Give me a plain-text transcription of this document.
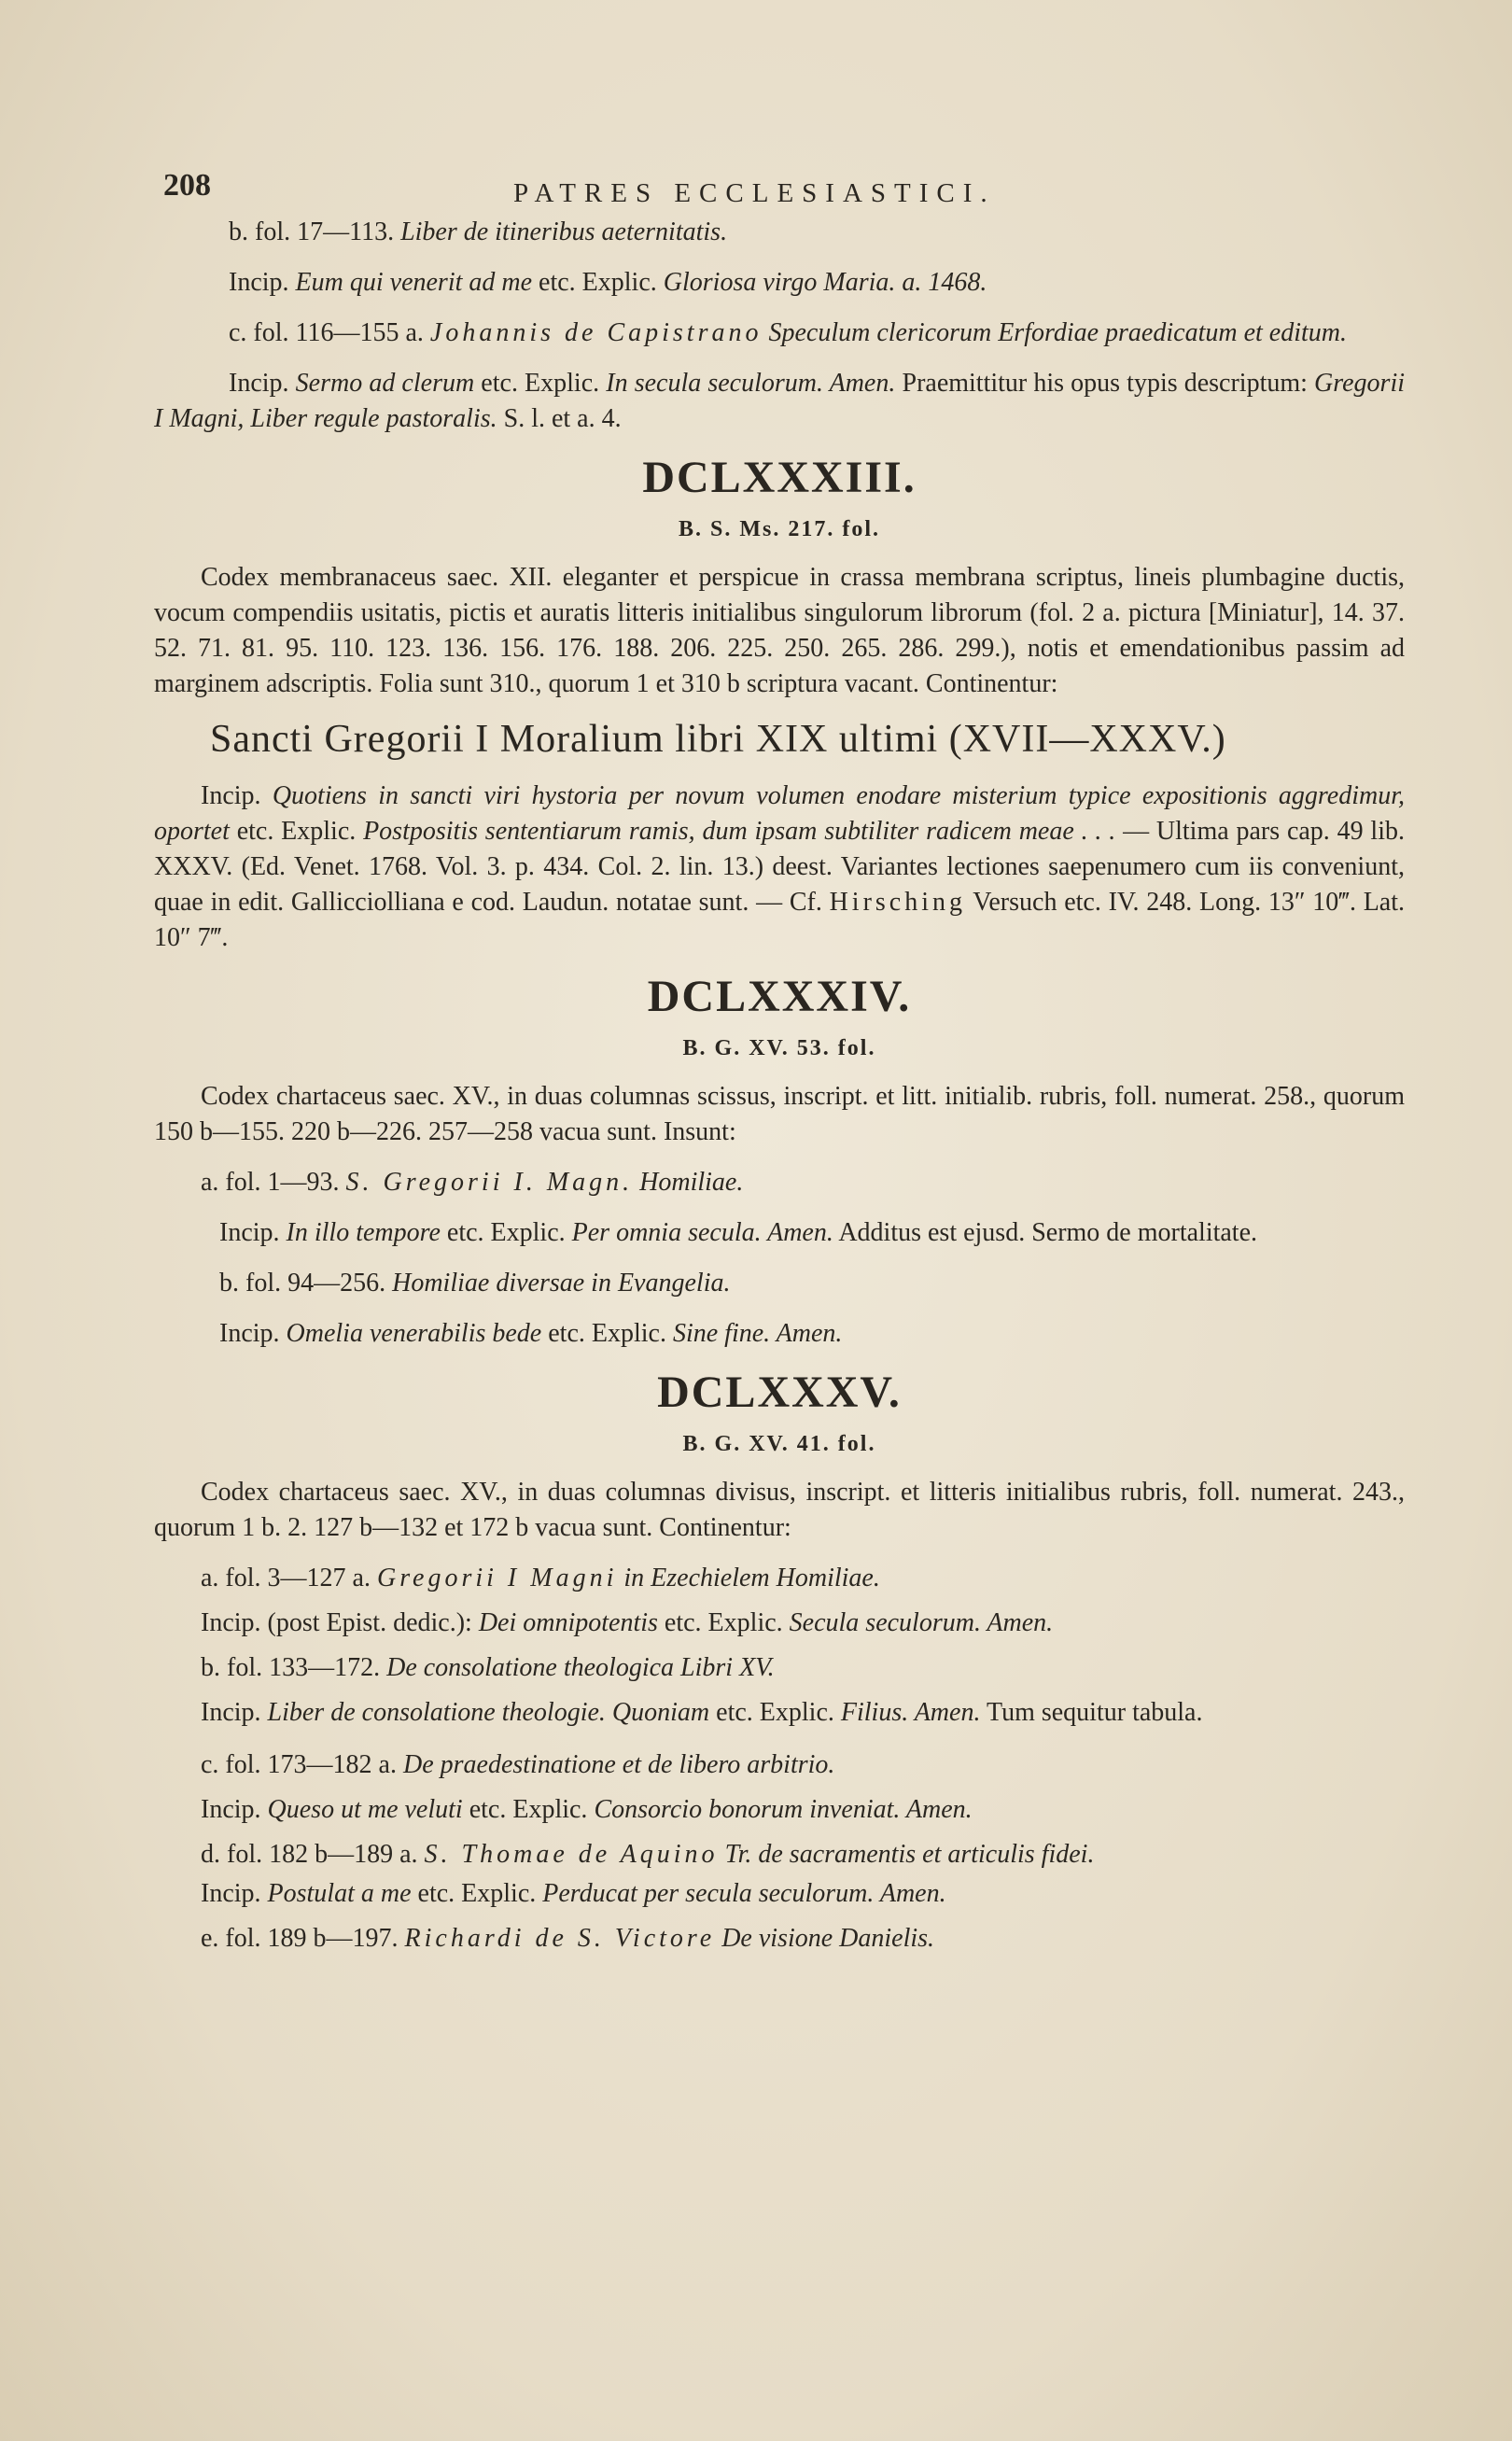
208	PATRES ECCLESIASTICI.

b. fol. 17—113. Liber de itineribus aeternitatis.

Incip. Eum qui venerit ad me etc. Explic. Gloriosa virgo Maria. a. 1468.

c. fol. 116—155 a. Johannis de Capistrano Speculum clericorum Erfordiae praedicatum et editum.

Incip. Sermo ad clerum etc. Explic. In secula seculorum. Amen. Praemittitur his opus typis descriptum: Gregorii I Magni, Liber regule pastoralis. S. l. et a. 4.

DCLXXXIII.
B. S. Ms. 217. fol.

Codex membranaceus saec. XII. eleganter et perspicue in crassa membrana scriptus, lineis plumbagine ductis, vocum compendiis usitatis, pictis et auratis litteris initialibus singulorum librorum (fol. 2 a. pictura [Miniatur], 14. 37. 52. 71. 81. 95. 110. 123. 136. 156. 176. 188. 206. 225. 250. 265. 286. 299.), notis et emendationibus passim ad marginem adscriptis. Folia sunt 310., quorum 1 et 310 b scriptura vacant. Continentur:

Sancti Gregorii I Moralium libri XIX ultimi (XVII—XXXV.)

Incip. Quotiens in sancti viri hystoria per novum volumen enodare misterium typice expositionis aggredimur, oportet etc. Explic. Postpositis sententiarum ramis, dum ipsam subtiliter radicem meae . . . — Ultima pars cap. 49 lib. XXXV. (Ed. Venet. 1768. Vol. 3. p. 434. Col. 2. lin. 13.) deest. Variantes lectiones saepenumero cum iis conveniunt, quae in edit. Gallicciolliana e cod. Laudun. notatae sunt. — Cf. Hirsching Versuch etc. IV. 248. Long. 13″ 10‴. Lat. 10″ 7‴.

DCLXXXIV.
B. G. XV. 53. fol.

Codex chartaceus saec. XV., in duas columnas scissus, inscript. et litt. initialib. rubris, foll. numerat. 258., quorum 150 b—155. 220 b—226. 257—258 vacua sunt. Insunt:

a. fol. 1—93. S. Gregorii I. Magn. Homiliae.

Incip. In illo tempore etc. Explic. Per omnia secula. Amen. Additus est ejusd. Sermo de mortalitate.

b. fol. 94—256. Homiliae diversae in Evangelia.

Incip. Omelia venerabilis bede etc. Explic. Sine fine. Amen.

DCLXXXV.
B. G. XV. 41. fol.

Codex chartaceus saec. XV., in duas columnas divisus, inscript. et litteris initialibus rubris, foll. numerat. 243., quorum 1 b. 2. 127 b—132 et 172 b vacua sunt. Continentur:

a. fol. 3—127 a. Gregorii I Magni in Ezechielem Homiliae.

Incip. (post Epist. dedic.): Dei omnipotentis etc. Explic. Secula seculorum. Amen.

b. fol. 133—172. De consolatione theologica Libri XV.

Incip. Liber de consolatione theologie. Quoniam etc. Explic. Filius. Amen. Tum sequitur tabula.

c. fol. 173—182 a. De praedestinatione et de libero arbitrio.

Incip. Queso ut me veluti etc. Explic. Consorcio bonorum inveniat. Amen.

d. fol. 182 b—189 a. S. Thomae de Aquino Tr. de sacramentis et articulis fidei.

Incip. Postulat a me etc. Explic. Perducat per secula seculorum. Amen.

e. fol. 189 b—197. Richardi de S. Victore De visione Danielis.
